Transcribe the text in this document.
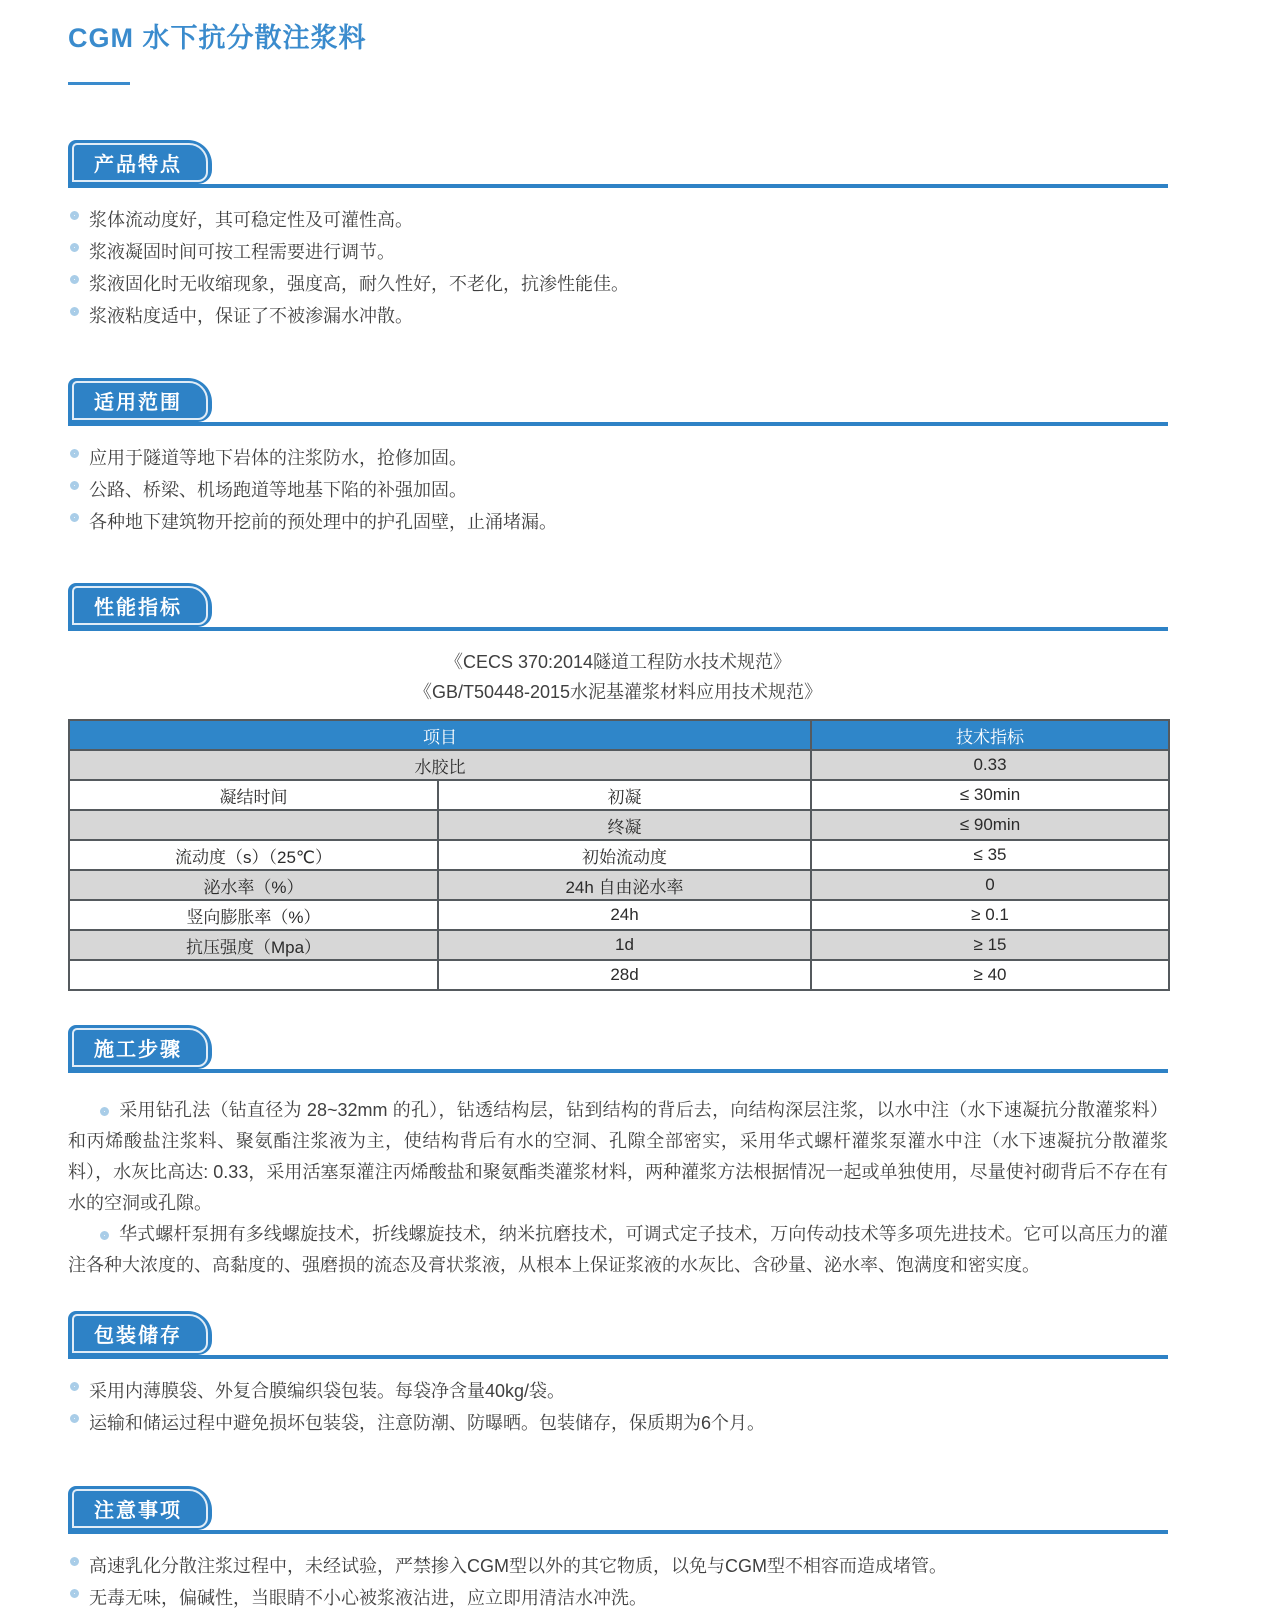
CGM 水下抗分散注浆料
产品特点
浆体流动度好，其可稳定性及可灌性高。
浆液凝固时间可按工程需要进行调节。
浆液固化时无收缩现象，强度高，耐久性好，不老化，抗渗性能佳。
浆液粘度适中，保证了不被渗漏水冲散。
适用范围
应用于隧道等地下岩体的注浆防水，抢修加固。
公路、桥梁、机场跑道等地基下陷的补强加固。
各种地下建筑物开挖前的预处理中的护孔固壁，止涌堵漏。
性能指标
《CECS 370:2014隧道工程防水技术规范》
《GB/T50448-2015水泥基灌浆材料应用技术规范》
项目		技术指标
水胶比		0.33
凝结时间	初凝	≤ 30min
	终凝	≤ 90min
流动度（s）（25℃）	初始流动度	≤ 35
泌水率（%）	24h 自由泌水率	0
竖向膨胀率（%）	24h	≥ 0.1
抗压强度（Mpa）	1d	≥ 15
	28d	≥ 40
施工步骤

采用钻孔法（钻直径为 28~32mm 的孔），钻透结构层，钻到结构的背后去，向结构深层注浆，以水中注（水下速凝抗分散灌浆料）和丙烯酸盐注浆料、聚氨酯注浆液为主，使结构背后有水的空洞、孔隙全部密实，采用华式螺杆灌浆泵灌水中注（水下速凝抗分散灌浆料），水灰比高达: 0.33，采用活塞泵灌注丙烯酸盐和聚氨酯类灌浆材料，两种灌浆方法根据情况一起或单独使用，尽量使衬砌背后不存在有水的空洞或孔隙。

华式螺杆泵拥有多线螺旋技术，折线螺旋技术，纳米抗磨技术，可调式定子技术，万向传动技术等多项先进技术。它可以高压力的灌注各种大浓度的、高黏度的、强磨损的流态及膏状浆液，从根本上保证浆液的水灰比、含砂量、泌水率、饱满度和密实度。

包装储存
采用内薄膜袋、外复合膜编织袋包装。每袋净含量40kg/袋。
运输和储运过程中避免损坏包装袋，注意防潮、防曝晒。包装储存，保质期为6个月。
注意事项
高速乳化分散注浆过程中，未经试验，严禁掺入CGM型以外的其它物质，以免与CGM型不相容而造成堵管。
无毒无味，偏碱性，当眼睛不小心被浆液沾进，应立即用清洁水冲洗。
